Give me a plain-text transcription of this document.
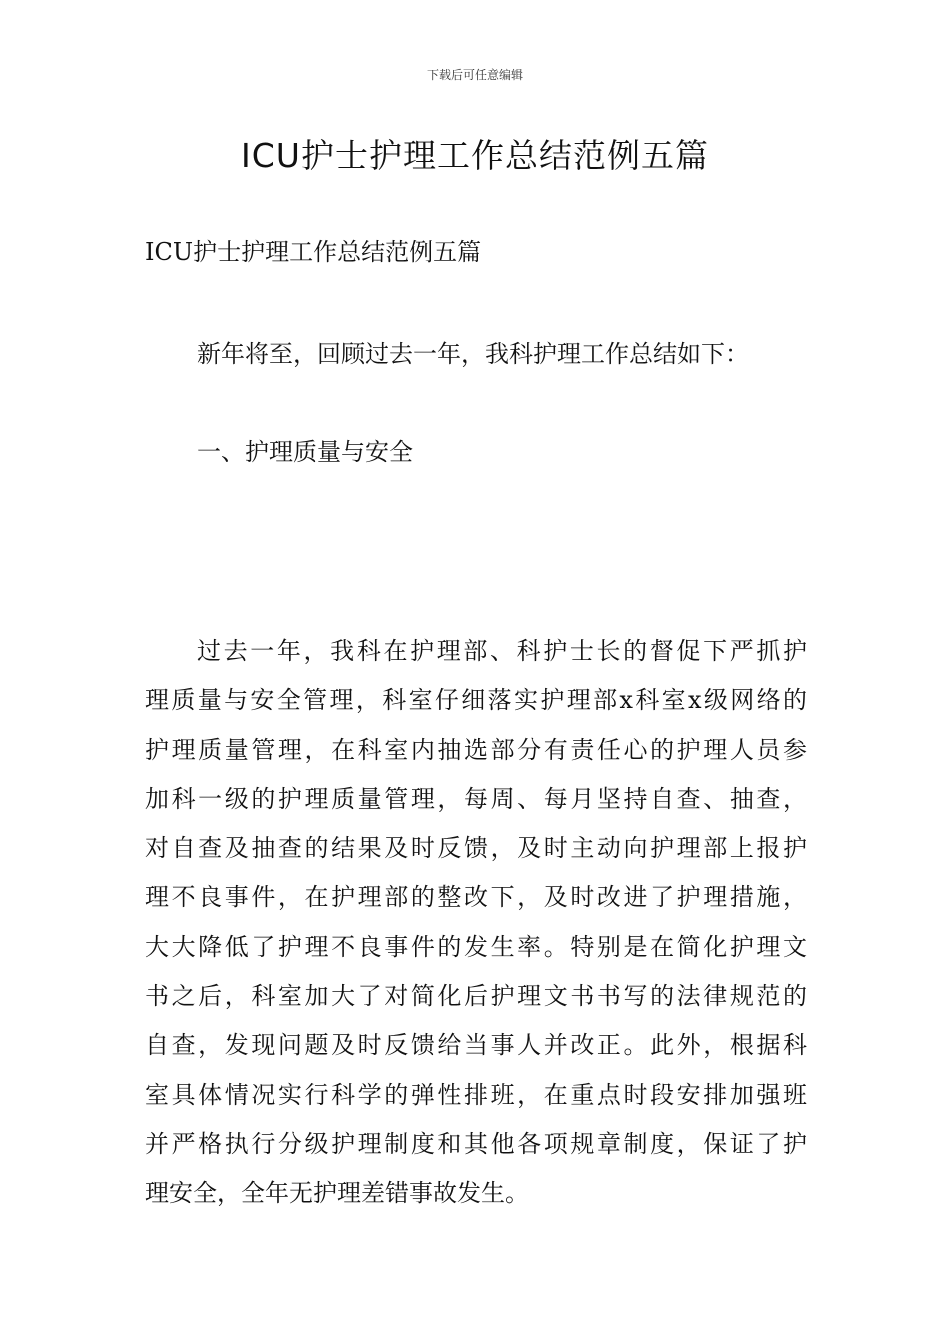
下载后可任意编辑
ICU护士护理工作总结范例五篇
ICU护士护理工作总结范例五篇
新年将至，回顾过去一年，我科护理工作总结如下：
一、护理质量与安全
过去一年，我科在护理部、科护士长的督促下严抓护
理质量与安全管理，科室仔细落实护理部x科室x级网络的
护理质量管理，在科室内抽选部分有责任心的护理人员参
加科一级的护理质量管理，每周、每月坚持自查、抽查，
对自查及抽查的结果及时反馈，及时主动向护理部上报护
理不良事件，在护理部的整改下，及时改进了护理措施，
大大降低了护理不良事件的发生率。特别是在简化护理文
书之后，科室加大了对简化后护理文书书写的法律规范的
自查，发现问题及时反馈给当事人并改正。此外，根据科
室具体情况实行科学的弹性排班，在重点时段安排加强班
并严格执行分级护理制度和其他各项规章制度，保证了护
理安全，全年无护理差错事故发生。
